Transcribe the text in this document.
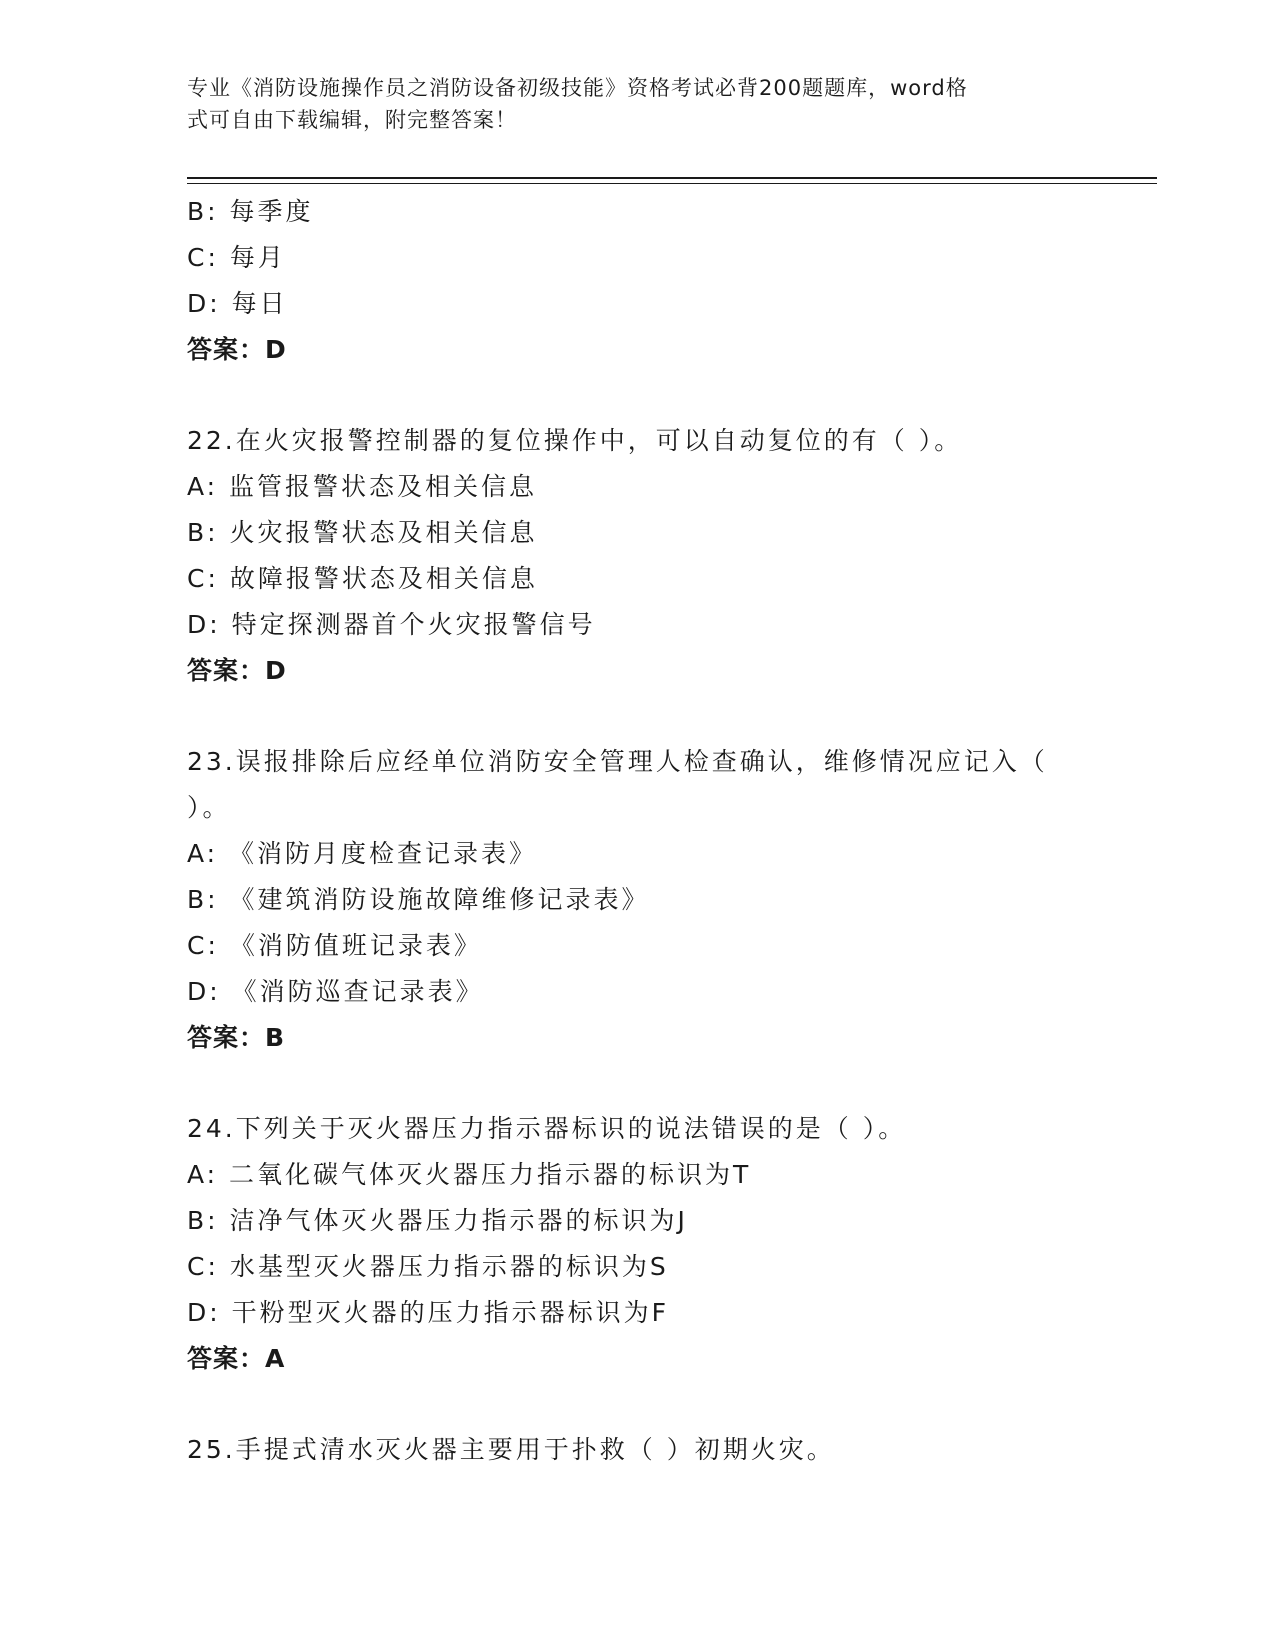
专业《消防设施操作员之消防设备初级技能》资格考试必背200题题库，word格
式可自由下载编辑，附完整答案！
B: 每季度
C: 每月
D: 每日
答案：D
22.在火灾报警控制器的复位操作中，可以自动复位的有（ ）。
A: 监管报警状态及相关信息
B: 火灾报警状态及相关信息
C: 故障报警状态及相关信息
D: 特定探测器首个火灾报警信号
答案：D
23.误报排除后应经单位消防安全管理人检查确认，维修情况应记入（
）。
A: 《消防月度检查记录表》
B: 《建筑消防设施故障维修记录表》
C: 《消防值班记录表》
D: 《消防巡查记录表》
答案：B
24.下列关于灭火器压力指示器标识的说法错误的是（ ）。
A: 二氧化碳气体灭火器压力指示器的标识为T
B: 洁净气体灭火器压力指示器的标识为J
C: 水基型灭火器压力指示器的标识为S
D: 干粉型灭火器的压力指示器标识为F
答案：A
25.手提式清水灭火器主要用于扑救（ ）初期火灾。
